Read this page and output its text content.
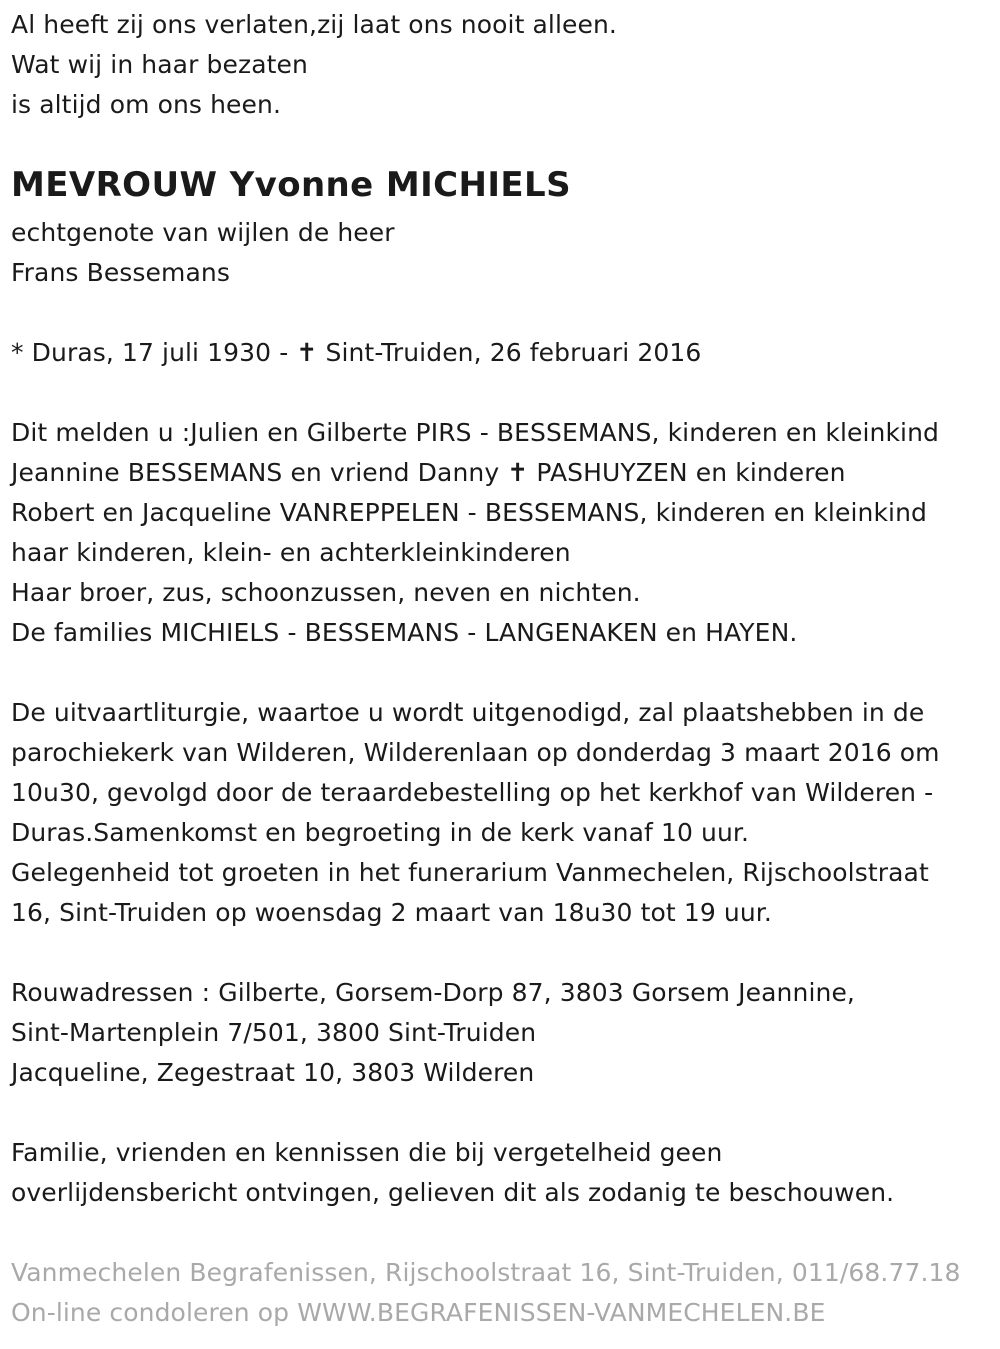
Al heeft zij ons verlaten,zij laat ons nooit alleen.
Wat wij in haar bezaten
is altijd om ons heen.
MEVROUW Yvonne MICHIELS
echtgenote van wijlen de heer
Frans Bessemans
* Duras, 17 juli 1930 - ✝ Sint-Truiden, 26 februari 2016
Dit melden u :Julien en Gilberte PIRS - BESSEMANS, kinderen en kleinkind
Jeannine BESSEMANS en vriend Danny ✝ PASHUYZEN en kinderen
Robert en Jacqueline VANREPPELEN - BESSEMANS, kinderen en kleinkind
haar kinderen, klein- en achterkleinkinderen
Haar broer, zus, schoonzussen, neven en nichten.
De families MICHIELS - BESSEMANS - LANGENAKEN en HAYEN.
De uitvaartliturgie, waartoe u wordt uitgenodigd, zal plaatshebben in de
parochiekerk van Wilderen, Wilderenlaan op donderdag 3 maart 2016 om
10u30, gevolgd door de teraardebestelling op het kerkhof van Wilderen -
Duras.Samenkomst en begroeting in de kerk vanaf 10 uur.
Gelegenheid tot groeten in het funerarium Vanmechelen, Rijschoolstraat
16, Sint-Truiden op woensdag 2 maart van 18u30 tot 19 uur.
Rouwadressen : Gilberte, Gorsem-Dorp 87, 3803 Gorsem Jeannine,
Sint-Martenplein 7/501, 3800 Sint-Truiden
Jacqueline, Zegestraat 10, 3803 Wilderen
Familie, vrienden en kennissen die bij vergetelheid geen
overlijdensbericht ontvingen, gelieven dit als zodanig te beschouwen.
Vanmechelen Begrafenissen, Rijschoolstraat 16, Sint-Truiden, 011/68.77.18
On-line condoleren op WWW.BEGRAFENISSEN-VANMECHELEN.BE
